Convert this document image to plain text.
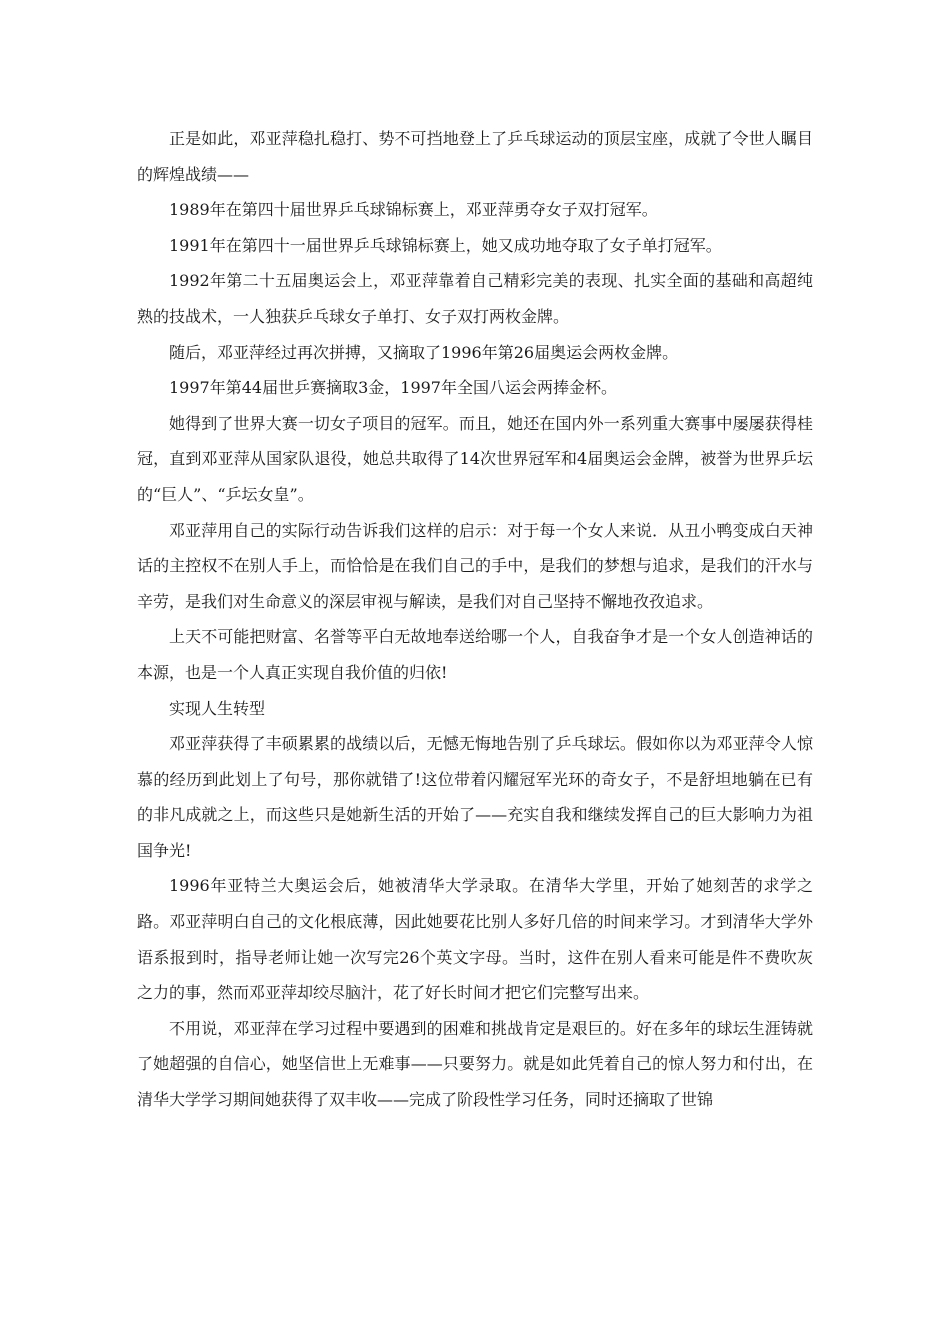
正是如此，邓亚萍稳扎稳打、势不可挡地登上了乒乓球运动的顶层宝座，成就了令世人瞩目的辉煌战绩——

1989年在第四十届世界乒乓球锦标赛上，邓亚萍勇夺女子双打冠军。

1991年在第四十一届世界乒乓球锦标赛上，她又成功地夺取了女子单打冠军。

1992年第二十五届奥运会上，邓亚萍靠着自己精彩完美的表现、扎实全面的基础和高超纯熟的技战术，一人独获乒乓球女子单打、女子双打两枚金牌。

随后，邓亚萍经过再次拼搏，又摘取了1996年第26届奥运会两枚金牌。

1997年第44届世乒赛摘取3金，1997年全国八运会两捧金杯。

她得到了世界大赛一切女子项目的冠军。而且，她还在国内外一系列重大赛事中屡屡获得桂冠，直到邓亚萍从国家队退役，她总共取得了14次世界冠军和4届奥运会金牌，被誉为世界乒坛的“巨人”、“乒坛女皇”。

邓亚萍用自己的实际行动告诉我们这样的启示：对于每一个女人来说．从丑小鸭变成白天神话的主控权不在别人手上，而恰恰是在我们自己的手中，是我们的梦想与追求，是我们的汗水与辛劳，是我们对生命意义的深层审视与解读，是我们对自己坚持不懈地孜孜追求。

上天不可能把财富、名誉等平白无故地奉送给哪一个人，自我奋争才是一个女人创造神话的本源，也是一个人真正实现自我价值的归依!

实现人生转型

邓亚萍获得了丰硕累累的战绩以后，无憾无悔地告别了乒乓球坛。假如你以为邓亚萍令人惊慕的经历到此划上了句号，那你就错了!这位带着闪耀冠军光环的奇女子，不是舒坦地躺在已有的非凡成就之上，而这些只是她新生活的开始了——充实自我和继续发挥自己的巨大影响力为祖国争光!

1996年亚特兰大奥运会后，她被清华大学录取。在清华大学里，开始了她刻苦的求学之路。邓亚萍明白自己的文化根底薄，因此她要花比别人多好几倍的时间来学习。才到清华大学外语系报到时，指导老师让她一次写完26个英文字母。当时，这件在别人看来可能是件不费吹灰之力的事，然而邓亚萍却绞尽脑汁，花了好长时间才把它们完整写出来。

不用说，邓亚萍在学习过程中要遇到的困难和挑战肯定是艰巨的。好在多年的球坛生涯铸就了她超强的自信心，她坚信世上无难事——只要努力。就是如此凭着自己的惊人努力和付出，在清华大学学习期间她获得了双丰收——完成了阶段性学习任务，同时还摘取了世锦
